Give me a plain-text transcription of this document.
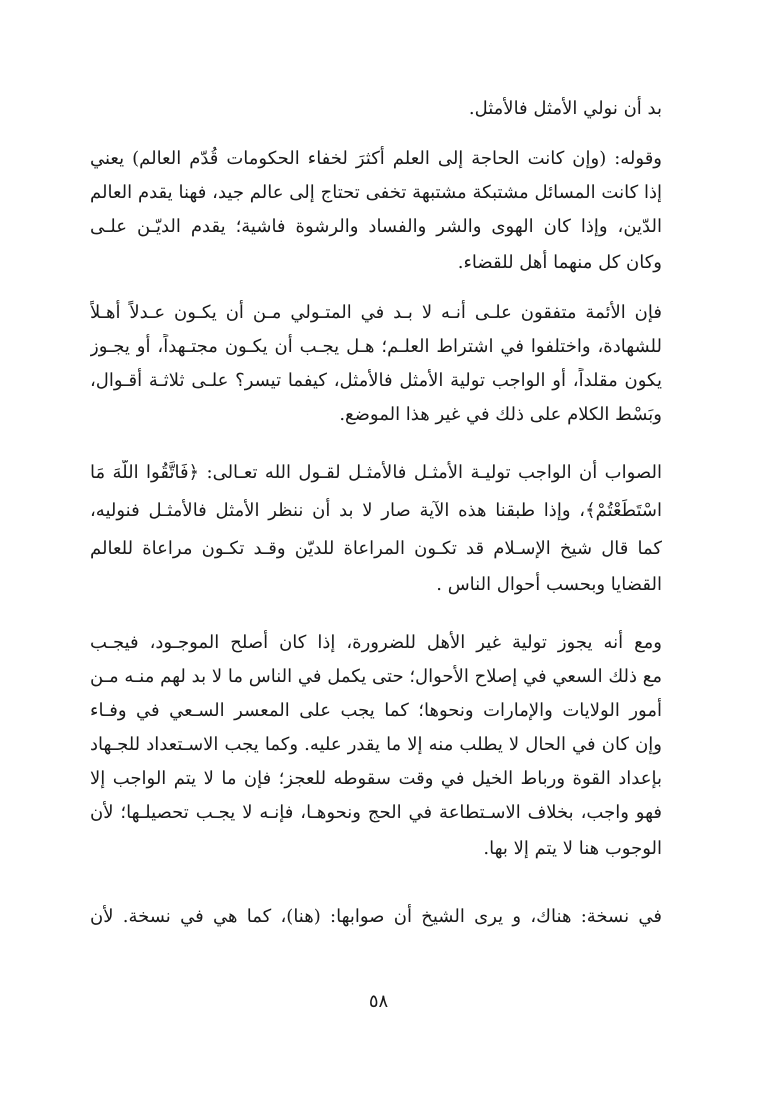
بد أن نولي الأمثل فالأمثل.
وقوله: (وإن كانت الحاجة إلى العلم أكثرَ لخفاء الحكومات قُدّم العالم) يعني
إذا كانت المسائل مشتبكة مشتبهة تخفى تحتاج إلى عالم جيد، فهنا يقدم العالم
الدّين، وإذا كان الهوى والشر والفساد والرشوة فاشية؛ يقدم الديّـن علـى
وكان كل منهما أهل للقضاء.
فإن الأئمة متفقون علـى أنـه لا بـد في المتـولي مـن أن يكـون عـدلاً أهـلاً
للشهادة، واختلفوا في اشتراط العلـم؛ هـل يجـب أن يكـون مجتـهداً، أو يجـوز
يكون مقلداً، أو الواجب تولية الأمثل فالأمثل، كيفما تيسر؟ علـى ثلاثـة أقـوال،
وبَسْط الكلام على ذلك في غير هذا الموضع.
الصواب أن الواجب توليـة الأمثـل فالأمثـل لقـول الله تعـالى: ﴿فَاتَّقُوا اللَّهَ مَا
اسْتَطَعْتُمْ﴾، وإذا طبقنا هذه الآية صار لا بد أن ننظر الأمثل فالأمثـل فنوليه،
كما قال شيخ الإسـلام قد تكـون المراعاة للديّن وقـد تكـون مراعاة للعالم
القضايا وبحسب أحوال الناس .
ومع أنه يجوز تولية غير الأهل للضرورة، إذا كان أصلح الموجـود، فيجـب
مع ذلك السعي في إصلاح الأحوال؛ حتى يكمل في الناس ما لا بد لهم منـه مـن
أمور الولايات والإمارات ونحوها؛ كما يجب على المعسر السـعي في وفـاء
وإن كان في الحال لا يطلب منه إلا ما يقدر عليه. وكما يجب الاسـتعداد للجـهاد
بإعداد القوة ورباط الخيل في وقت سقوطه للعجز؛ فإن ما لا يتم الواجب إلا
فهو واجب، بخلاف الاسـتطاعة في الحج ونحوهـا، فإنـه لا يجـب تحصيلـها؛ لأن
الوجوب هنا لا يتم إلا بها.
في نسخة: هناك، و يرى الشيخ أن صوابها: (هنا)، كما هي في نسخة. لأن
٥٨
